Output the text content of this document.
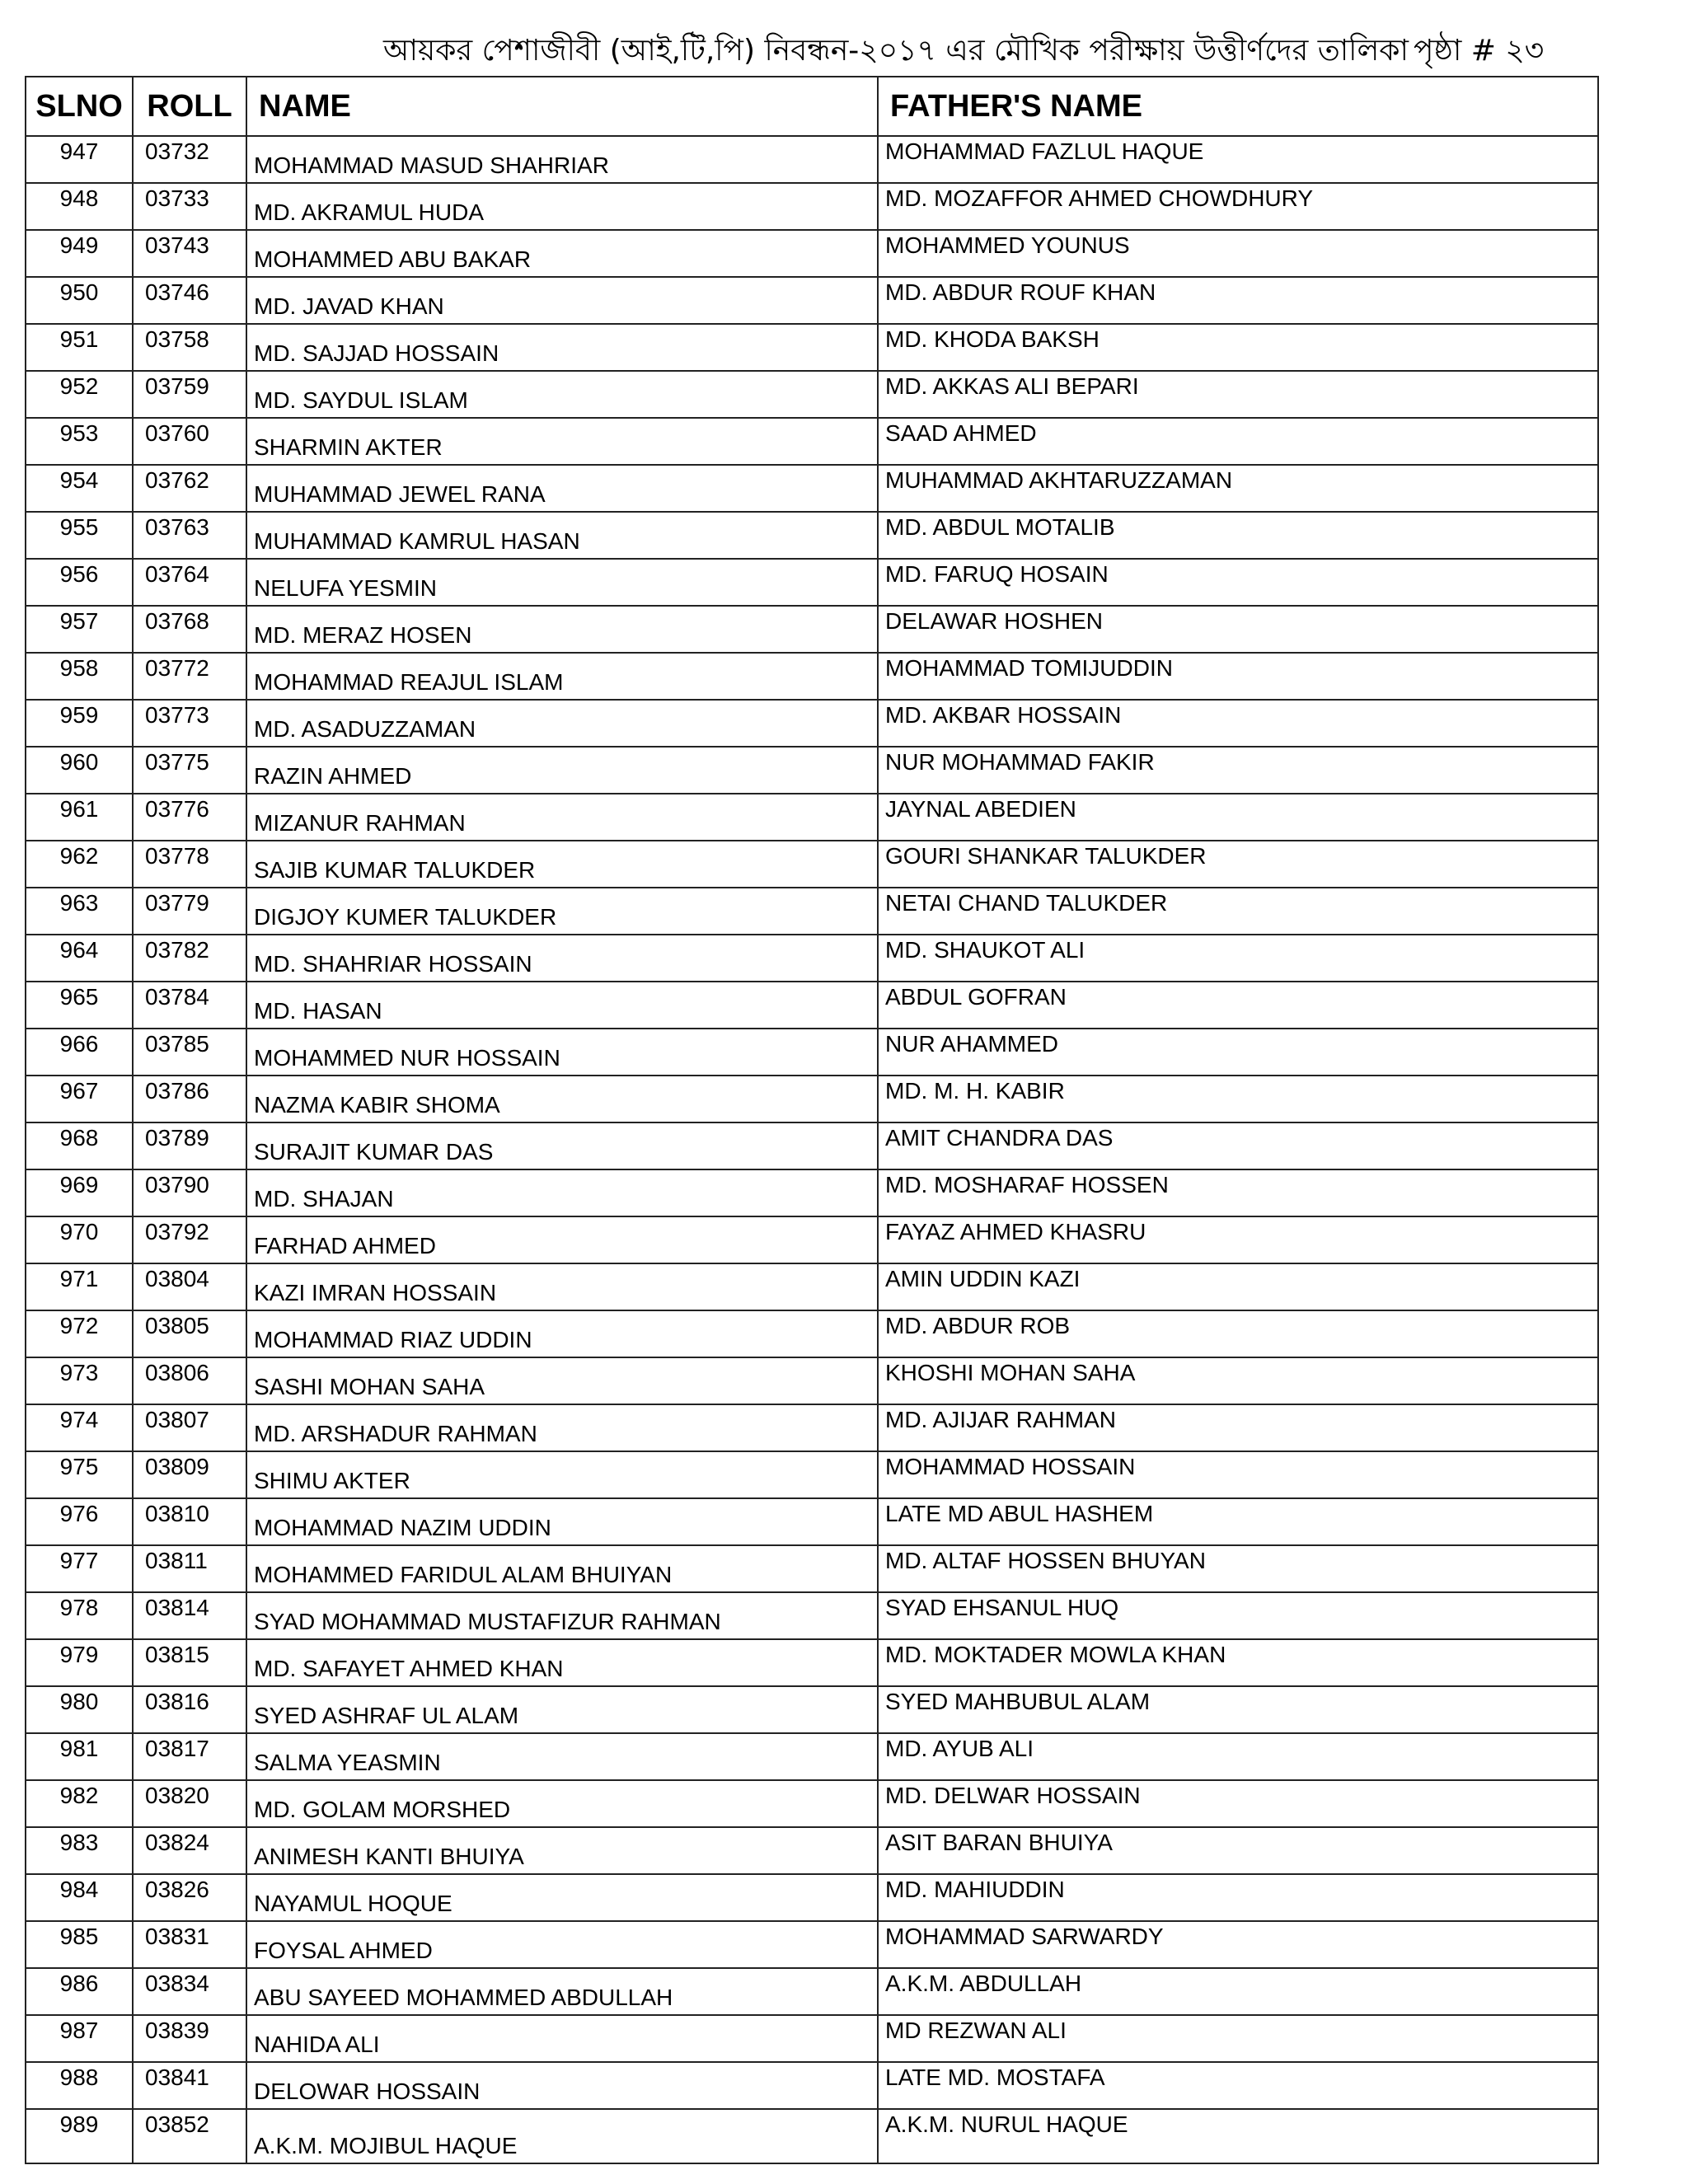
আয়কর পেশাজীবী (আই,টি,পি) নিবন্ধন-২০১৭ এর মৌখিক পরীক্ষায় উত্তীর্ণদের তালিকা পৃষ্ঠা # ২৩
SLNO	ROLL	NAME	FATHER'S NAME
947	03732	MOHAMMAD MASUD SHAHRIAR	MOHAMMAD FAZLUL HAQUE
948	03733	MD. AKRAMUL HUDA	MD. MOZAFFOR AHMED CHOWDHURY
949	03743	MOHAMMED ABU BAKAR	MOHAMMED YOUNUS
950	03746	MD. JAVAD KHAN	MD. ABDUR ROUF KHAN
951	03758	MD. SAJJAD HOSSAIN	MD. KHODA BAKSH
952	03759	MD. SAYDUL ISLAM	MD. AKKAS ALI BEPARI
953	03760	SHARMIN AKTER	SAAD AHMED
954	03762	MUHAMMAD JEWEL RANA	MUHAMMAD AKHTARUZZAMAN
955	03763	MUHAMMAD KAMRUL HASAN	MD. ABDUL MOTALIB
956	03764	NELUFA YESMIN	MD. FARUQ HOSAIN
957	03768	MD. MERAZ HOSEN	DELAWAR HOSHEN
958	03772	MOHAMMAD REAJUL ISLAM	MOHAMMAD TOMIJUDDIN
959	03773	MD. ASADUZZAMAN	MD. AKBAR HOSSAIN
960	03775	RAZIN AHMED	NUR MOHAMMAD FAKIR
961	03776	MIZANUR RAHMAN	JAYNAL ABEDIEN
962	03778	SAJIB KUMAR TALUKDER	GOURI SHANKAR TALUKDER
963	03779	DIGJOY KUMER TALUKDER	NETAI CHAND TALUKDER
964	03782	MD. SHAHRIAR HOSSAIN	MD. SHAUKOT ALI
965	03784	MD. HASAN	ABDUL GOFRAN
966	03785	MOHAMMED NUR HOSSAIN	NUR AHAMMED
967	03786	NAZMA KABIR SHOMA	MD. M. H. KABIR
968	03789	SURAJIT KUMAR DAS	AMIT CHANDRA DAS
969	03790	MD. SHAJAN	MD. MOSHARAF HOSSEN
970	03792	FARHAD AHMED	FAYAZ AHMED KHASRU
971	03804	KAZI IMRAN HOSSAIN	AMIN UDDIN KAZI
972	03805	MOHAMMAD RIAZ UDDIN	MD. ABDUR ROB
973	03806	SASHI MOHAN SAHA	KHOSHI MOHAN SAHA
974	03807	MD. ARSHADUR RAHMAN	MD. AJIJAR RAHMAN
975	03809	SHIMU AKTER	MOHAMMAD HOSSAIN
976	03810	MOHAMMAD NAZIM UDDIN	LATE MD ABUL HASHEM
977	03811	MOHAMMED FARIDUL ALAM BHUIYAN	MD. ALTAF HOSSEN BHUYAN
978	03814	SYAD MOHAMMAD MUSTAFIZUR RAHMAN	SYAD EHSANUL HUQ
979	03815	MD. SAFAYET AHMED KHAN	MD. MOKTADER MOWLA KHAN
980	03816	SYED ASHRAF UL ALAM	SYED MAHBUBUL ALAM
981	03817	SALMA YEASMIN	MD. AYUB ALI
982	03820	MD. GOLAM MORSHED	MD. DELWAR HOSSAIN
983	03824	ANIMESH KANTI BHUIYA	ASIT BARAN BHUIYA
984	03826	NAYAMUL HOQUE	MD. MAHIUDDIN
985	03831	FOYSAL AHMED	MOHAMMAD SARWARDY
986	03834	ABU SAYEED MOHAMMED ABDULLAH	A.K.M. ABDULLAH
987	03839	NAHIDA ALI	MD REZWAN ALI
988	03841	DELOWAR HOSSAIN	LATE MD. MOSTAFA
989	03852	A.K.M. MOJIBUL HAQUE	A.K.M. NURUL HAQUE
